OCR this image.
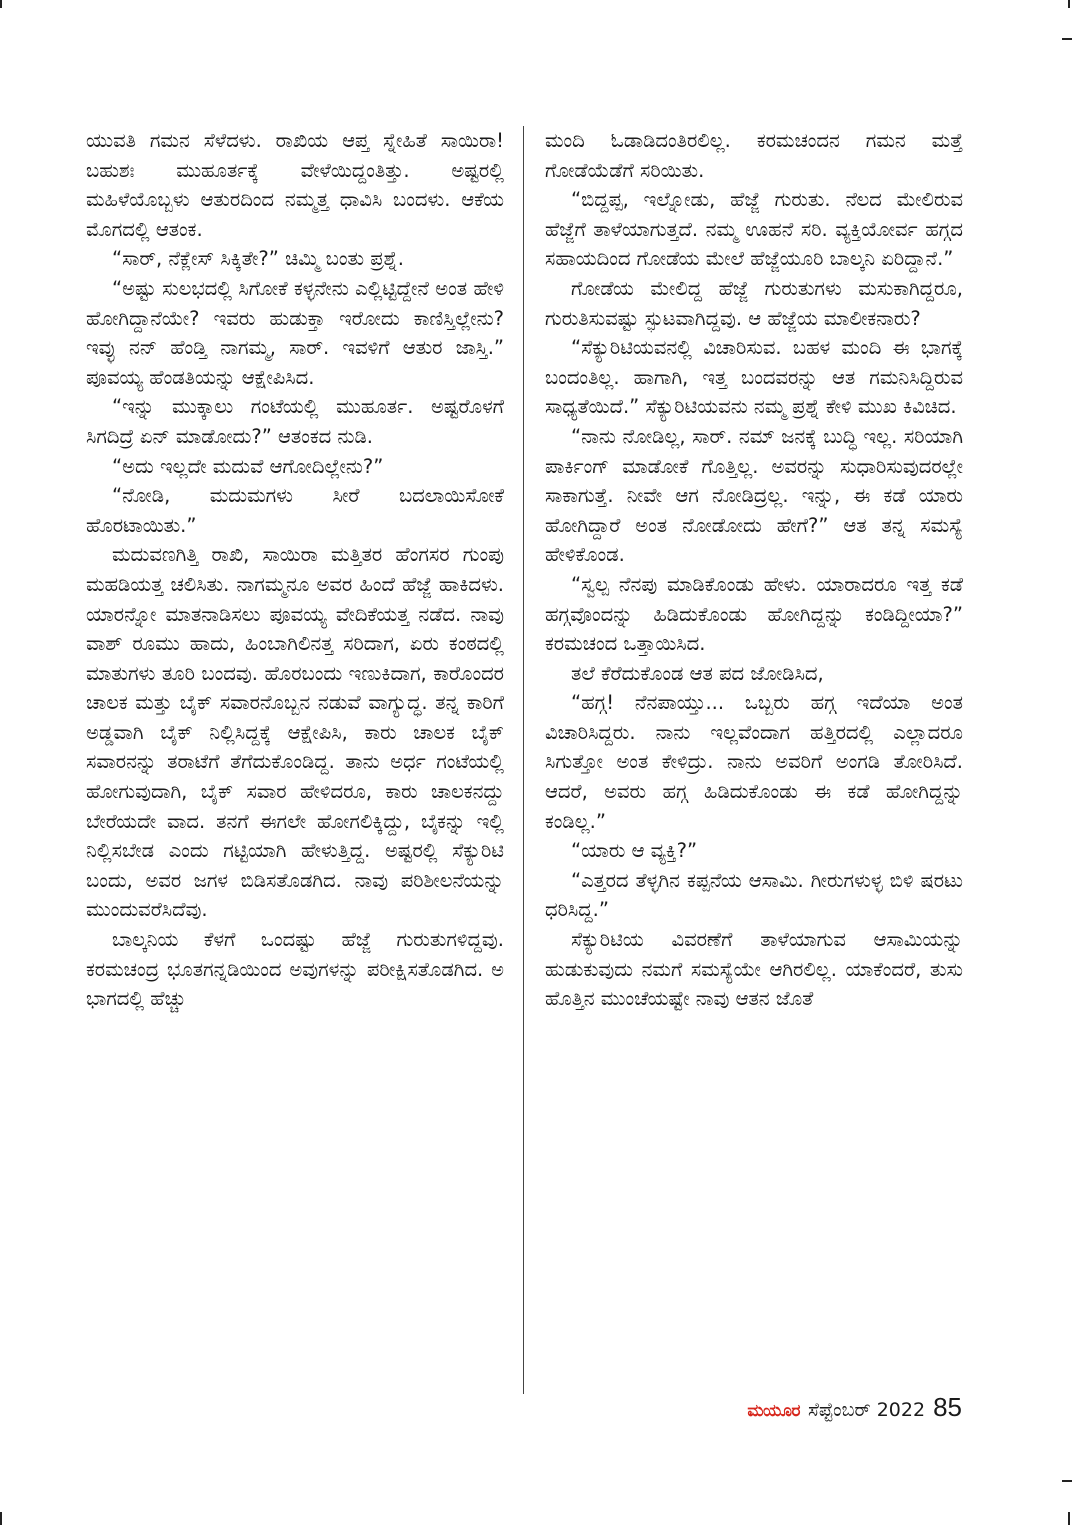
ಯುವತಿ ಗಮನ ಸೆಳೆದಳು. ರಾಖಿಯ ಆಪ್ತ ಸ್ನೇಹಿತೆ ಸಾಯಿರಾ! ಬಹುಶಃ ಮುಹೂರ್ತಕ್ಕೆ ವೇಳೆಯಿದ್ದಂತಿತ್ತು. ಅಷ್ಟರಲ್ಲಿ ಮಹಿಳೆಯೊಬ್ಬಳು ಆತುರದಿಂದ ನಮ್ಮತ್ತ ಧಾವಿಸಿ ಬಂದಳು. ಆಕೆಯ ಮೊಗದಲ್ಲಿ ಆತಂಕ.

“ಸಾರ್, ನೆಕ್ಲೇಸ್ ಸಿಕ್ಕಿತೇ?” ಚಿಮ್ಮಿ ಬಂತು ಪ್ರಶ್ನೆ.

“ಅಷ್ಟು ಸುಲಭದಲ್ಲಿ ಸಿಗೋಕೆ ಕಳ್ಳನೇನು ಎಲ್ಲಿಟ್ಟಿದ್ದೇನೆ ಅಂತ ಹೇಳಿ ಹೋಗಿದ್ದಾನೆಯೇ? ಇವರು ಹುಡುಕ್ತಾ ಇರೋದು ಕಾಣಿಸ್ತಿಲ್ಲೇನು? ಇವ್ಳು ನನ್ ಹೆಂಡ್ತಿ ನಾಗಮ್ಮ, ಸಾರ್. ಇವಳಿಗೆ ಆತುರ ಜಾಸ್ತಿ.” ಪೂವಯ್ಯ ಹೆಂಡತಿಯನ್ನು ಆಕ್ಷೇಪಿಸಿದ.

“ಇನ್ನು ಮುಕ್ಕಾಲು ಗಂಟೆಯಲ್ಲಿ ಮುಹೂರ್ತ. ಅಷ್ಟರೊಳಗೆ ಸಿಗದಿದ್ರೆ ಏನ್ ಮಾಡೋದು?” ಆತಂಕದ ನುಡಿ.

“ಅದು ಇಲ್ಲದೇ ಮದುವೆ ಆಗೋದಿಲ್ಲೇನು?”

“ನೋಡಿ, ಮದುಮಗಳು ಸೀರೆ ಬದಲಾಯಿಸೋಕೆ ಹೊರಟಾಯಿತು.”

ಮದುವಣಗಿತ್ತಿ ರಾಖಿ, ಸಾಯಿರಾ ಮತ್ತಿತರ ಹೆಂಗಸರ ಗುಂಪು ಮಹಡಿಯತ್ತ ಚಲಿಸಿತು. ನಾಗಮ್ಮನೂ ಅವರ ಹಿಂದೆ ಹೆಜ್ಜೆ ಹಾಕಿದಳು. ಯಾರನ್ನೋ ಮಾತನಾಡಿಸಲು ಪೂವಯ್ಯ ವೇದಿಕೆಯತ್ತ ನಡೆದ. ನಾವು ವಾಶ್ ರೂಮು ಹಾದು, ಹಿಂಬಾಗಿಲಿನತ್ತ ಸರಿದಾಗ, ಏರು ಕಂಠದಲ್ಲಿ ಮಾತುಗಳು ತೂರಿ ಬಂದವು. ಹೊರಬಂದು ಇಣುಕಿದಾಗ, ಕಾರೊಂದರ ಚಾಲಕ ಮತ್ತು ಬೈಕ್ ಸವಾರನೊಬ್ಬನ ನಡುವೆ ವಾಗ್ಯುದ್ಧ. ತನ್ನ ಕಾರಿಗೆ ಅಡ್ಡವಾಗಿ ಬೈಕ್ ನಿಲ್ಲಿಸಿದ್ದಕ್ಕೆ ಆಕ್ಷೇಪಿಸಿ, ಕಾರು ಚಾಲಕ ಬೈಕ್ ಸವಾರನನ್ನು ತರಾಟೆಗೆ ತೆಗೆದುಕೊಂಡಿದ್ದ. ತಾನು ಅರ್ಧ ಗಂಟೆಯಲ್ಲಿ ಹೋಗುವುದಾಗಿ, ಬೈಕ್ ಸವಾರ ಹೇಳಿದರೂ, ಕಾರು ಚಾಲಕನದ್ದು ಬೇರೆಯದೇ ವಾದ. ತನಗೆ ಈಗಲೇ ಹೋಗಲಿಕ್ಕಿದ್ದು, ಬೈಕನ್ನು ಇಲ್ಲಿ ನಿಲ್ಲಿಸಬೇಡ ಎಂದು ಗಟ್ಟಿಯಾಗಿ ಹೇಳುತ್ತಿದ್ದ. ಅಷ್ಟರಲ್ಲಿ ಸೆಕ್ಯುರಿಟಿ ಬಂದು, ಅವರ ಜಗಳ ಬಿಡಿಸತೊಡಗಿದ. ನಾವು ಪರಿಶೀಲನೆಯನ್ನು ಮುಂದುವರೆಸಿದೆವು.

ಬಾಲ್ಕನಿಯ ಕೆಳಗೆ ಒಂದಷ್ಟು ಹೆಜ್ಜೆ ಗುರುತುಗಳಿದ್ದವು. ಕರಮಚಂದ್ರ ಭೂತಗನ್ನಡಿಯಿಂದ ಅವುಗಳನ್ನು ಪರೀಕ್ಷಿಸತೊಡಗಿದ. ಅ ಭಾಗದಲ್ಲಿ ಹೆಚ್ಚು

ಮಂದಿ ಓಡಾಡಿದಂತಿರಲಿಲ್ಲ. ಕರಮಚಂದನ ಗಮನ ಮತ್ತೆ ಗೋಡೆಯೆಡೆಗೆ ಸರಿಯಿತು.

“ಬಿದ್ದಪ್ಪ, ಇಲ್ನೋಡು, ಹೆಜ್ಜೆ ಗುರುತು. ನೆಲದ ಮೇಲಿರುವ ಹೆಜ್ಜೆಗೆ ತಾಳೆಯಾಗುತ್ತದೆ. ನಮ್ಮ ಊಹನೆ ಸರಿ. ವ್ಯಕ್ತಿಯೋರ್ವ ಹಗ್ಗದ ಸಹಾಯದಿಂದ ಗೋಡೆಯ ಮೇಲೆ ಹೆಜ್ಜೆಯೂರಿ ಬಾಲ್ಕನಿ ಏರಿದ್ದಾನೆ.”

ಗೋಡೆಯ ಮೇಲಿದ್ದ ಹೆಜ್ಜೆ ಗುರುತುಗಳು ಮಸುಕಾಗಿದ್ದರೂ, ಗುರುತಿಸುವಷ್ಟು ಸ್ಫುಟವಾಗಿದ್ದವು. ಆ ಹೆಜ್ಜೆಯ ಮಾಲೀಕನಾರು?

“ಸೆಕ್ಯುರಿಟಿಯವನಲ್ಲಿ ವಿಚಾರಿಸುವ. ಬಹಳ ಮಂದಿ ಈ ಭಾಗಕ್ಕೆ ಬಂದಂತಿಲ್ಲ. ಹಾಗಾಗಿ, ಇತ್ತ ಬಂದವರನ್ನು ಆತ ಗಮನಿಸಿದ್ದಿರುವ ಸಾಧ್ಯತೆಯಿದೆ.” ಸೆಕ್ಯುರಿಟಿಯವನು ನಮ್ಮ ಪ್ರಶ್ನೆ ಕೇಳಿ ಮುಖ ಕಿವಿಚಿದ.

“ನಾನು ನೋಡಿಲ್ಲ, ಸಾರ್. ನಮ್ ಜನಕ್ಕೆ ಬುದ್ಧಿ ಇಲ್ಲ. ಸರಿಯಾಗಿ ಪಾರ್ಕಿಂಗ್ ಮಾಡೋಕೆ ಗೊತ್ತಿಲ್ಲ. ಅವರನ್ನು ಸುಧಾರಿಸುವುದರಲ್ಲೇ ಸಾಕಾಗುತ್ತೆ. ನೀವೇ ಆಗ ನೋಡಿದ್ರಲ್ಲ. ಇನ್ನು, ಈ ಕಡೆ ಯಾರು ಹೋಗಿದ್ದಾರೆ ಅಂತ ನೋಡೋದು ಹೇಗೆ?” ಆತ ತನ್ನ ಸಮಸ್ಯೆ ಹೇಳಿಕೊಂಡ.

“ಸ್ವಲ್ಪ ನೆನಪು ಮಾಡಿಕೊಂಡು ಹೇಳು. ಯಾರಾದರೂ ಇತ್ತ ಕಡೆ ಹಗ್ಗವೊಂದನ್ನು ಹಿಡಿದುಕೊಂಡು ಹೋಗಿದ್ದನ್ನು ಕಂಡಿದ್ದೀಯಾ?” ಕರಮಚಂದ ಒತ್ತಾಯಿಸಿದ.

ತಲೆ ಕೆರೆದುಕೊಂಡ ಆತ ಪದ ಜೋಡಿಸಿದ,

“ಹಗ್ಗ! ನೆನಪಾಯ್ತು... ಒಬ್ಬರು ಹಗ್ಗ ಇದೆಯಾ ಅಂತ ವಿಚಾರಿಸಿದ್ದರು. ನಾನು ಇಲ್ಲವೆಂದಾಗ ಹತ್ತಿರದಲ್ಲಿ ಎಲ್ಲಾದರೂ ಸಿಗುತ್ತೋ ಅಂತ ಕೇಳಿದ್ರು. ನಾನು ಅವರಿಗೆ ಅಂಗಡಿ ತೋರಿಸಿದೆ. ಆದರೆ, ಅವರು ಹಗ್ಗ ಹಿಡಿದುಕೊಂಡು ಈ ಕಡೆ ಹೋಗಿದ್ದನ್ನು ಕಂಡಿಲ್ಲ.”

“ಯಾರು ಆ ವ್ಯಕ್ತಿ?”

“ಎತ್ತರದ ತೆಳ್ಳಗಿನ ಕಪ್ಪನೆಯ ಆಸಾಮಿ. ಗೀರುಗಳುಳ್ಳ ಬಿಳಿ ಷರಟು ಧರಿಸಿದ್ದ.”

ಸೆಕ್ಯುರಿಟಿಯ ವಿವರಣೆಗೆ ತಾಳೆಯಾಗುವ ಆಸಾಮಿಯನ್ನು ಹುಡುಕುವುದು ನಮಗೆ ಸಮಸ್ಯೆಯೇ ಆಗಿರಲಿಲ್ಲ. ಯಾಕೆಂದರೆ, ತುಸು ಹೊತ್ತಿನ ಮುಂಚೆಯಷ್ಟೇ ನಾವು ಆತನ ಜೊತೆ

ಮಯೂರ ಸೆಪ್ಟೆಂಬರ್ 2022 85
